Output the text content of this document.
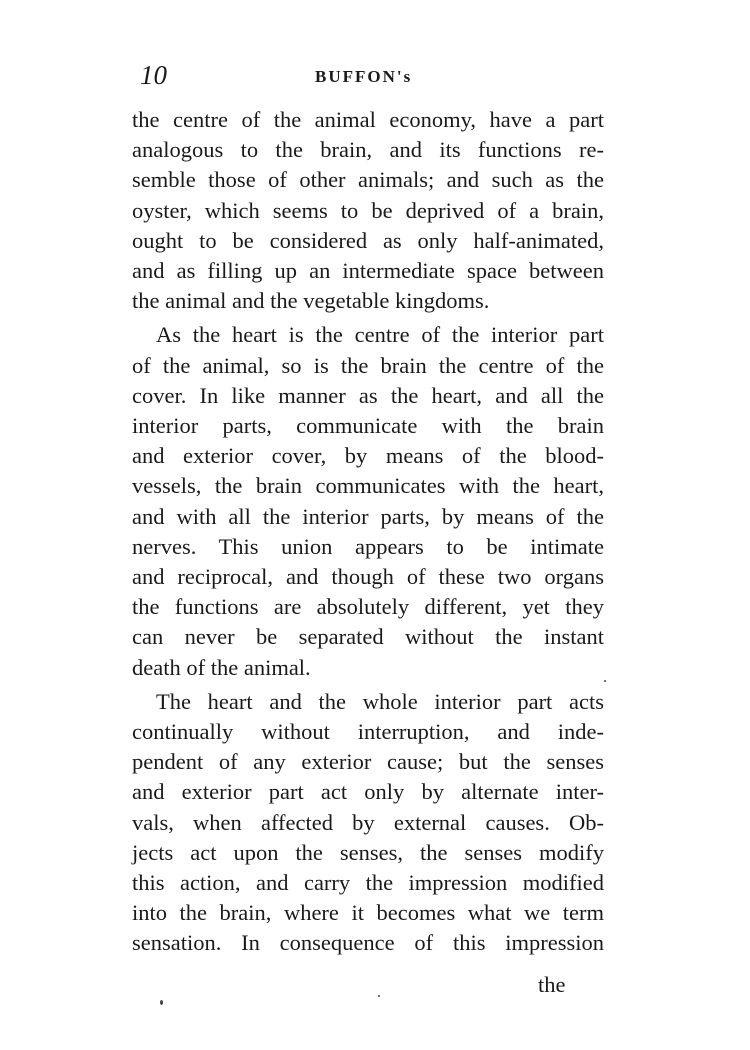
10	BUFFON's
the centre of the animal economy, have a part
analogous to the brain, and its functions re-
semble those of other animals; and such as the
oyster, which seems to be deprived of a brain,
ought to be considered as only half-animated,
and as filling up an intermediate space between
the animal and the vegetable kingdoms.
As the heart is the centre of the interior part
of the animal, so is the brain the centre of the
cover. In like manner as the heart, and all the
interior parts, communicate with the brain
and exterior cover, by means of the blood-
vessels, the brain communicates with the heart,
and with all the interior parts, by means of the
nerves. This union appears to be intimate
and reciprocal, and though of these two organs
the functions are absolutely different, yet they
can never be separated without the instant
death of the animal.
The heart and the whole interior part acts
continually without interruption, and inde-
pendent of any exterior cause; but the senses
and exterior part act only by alternate inter-
vals, when affected by external causes. Ob-
jects act upon the senses, the senses modify
this action, and carry the impression modified
into the brain, where it becomes what we term
sensation. In consequence of this impression
the
